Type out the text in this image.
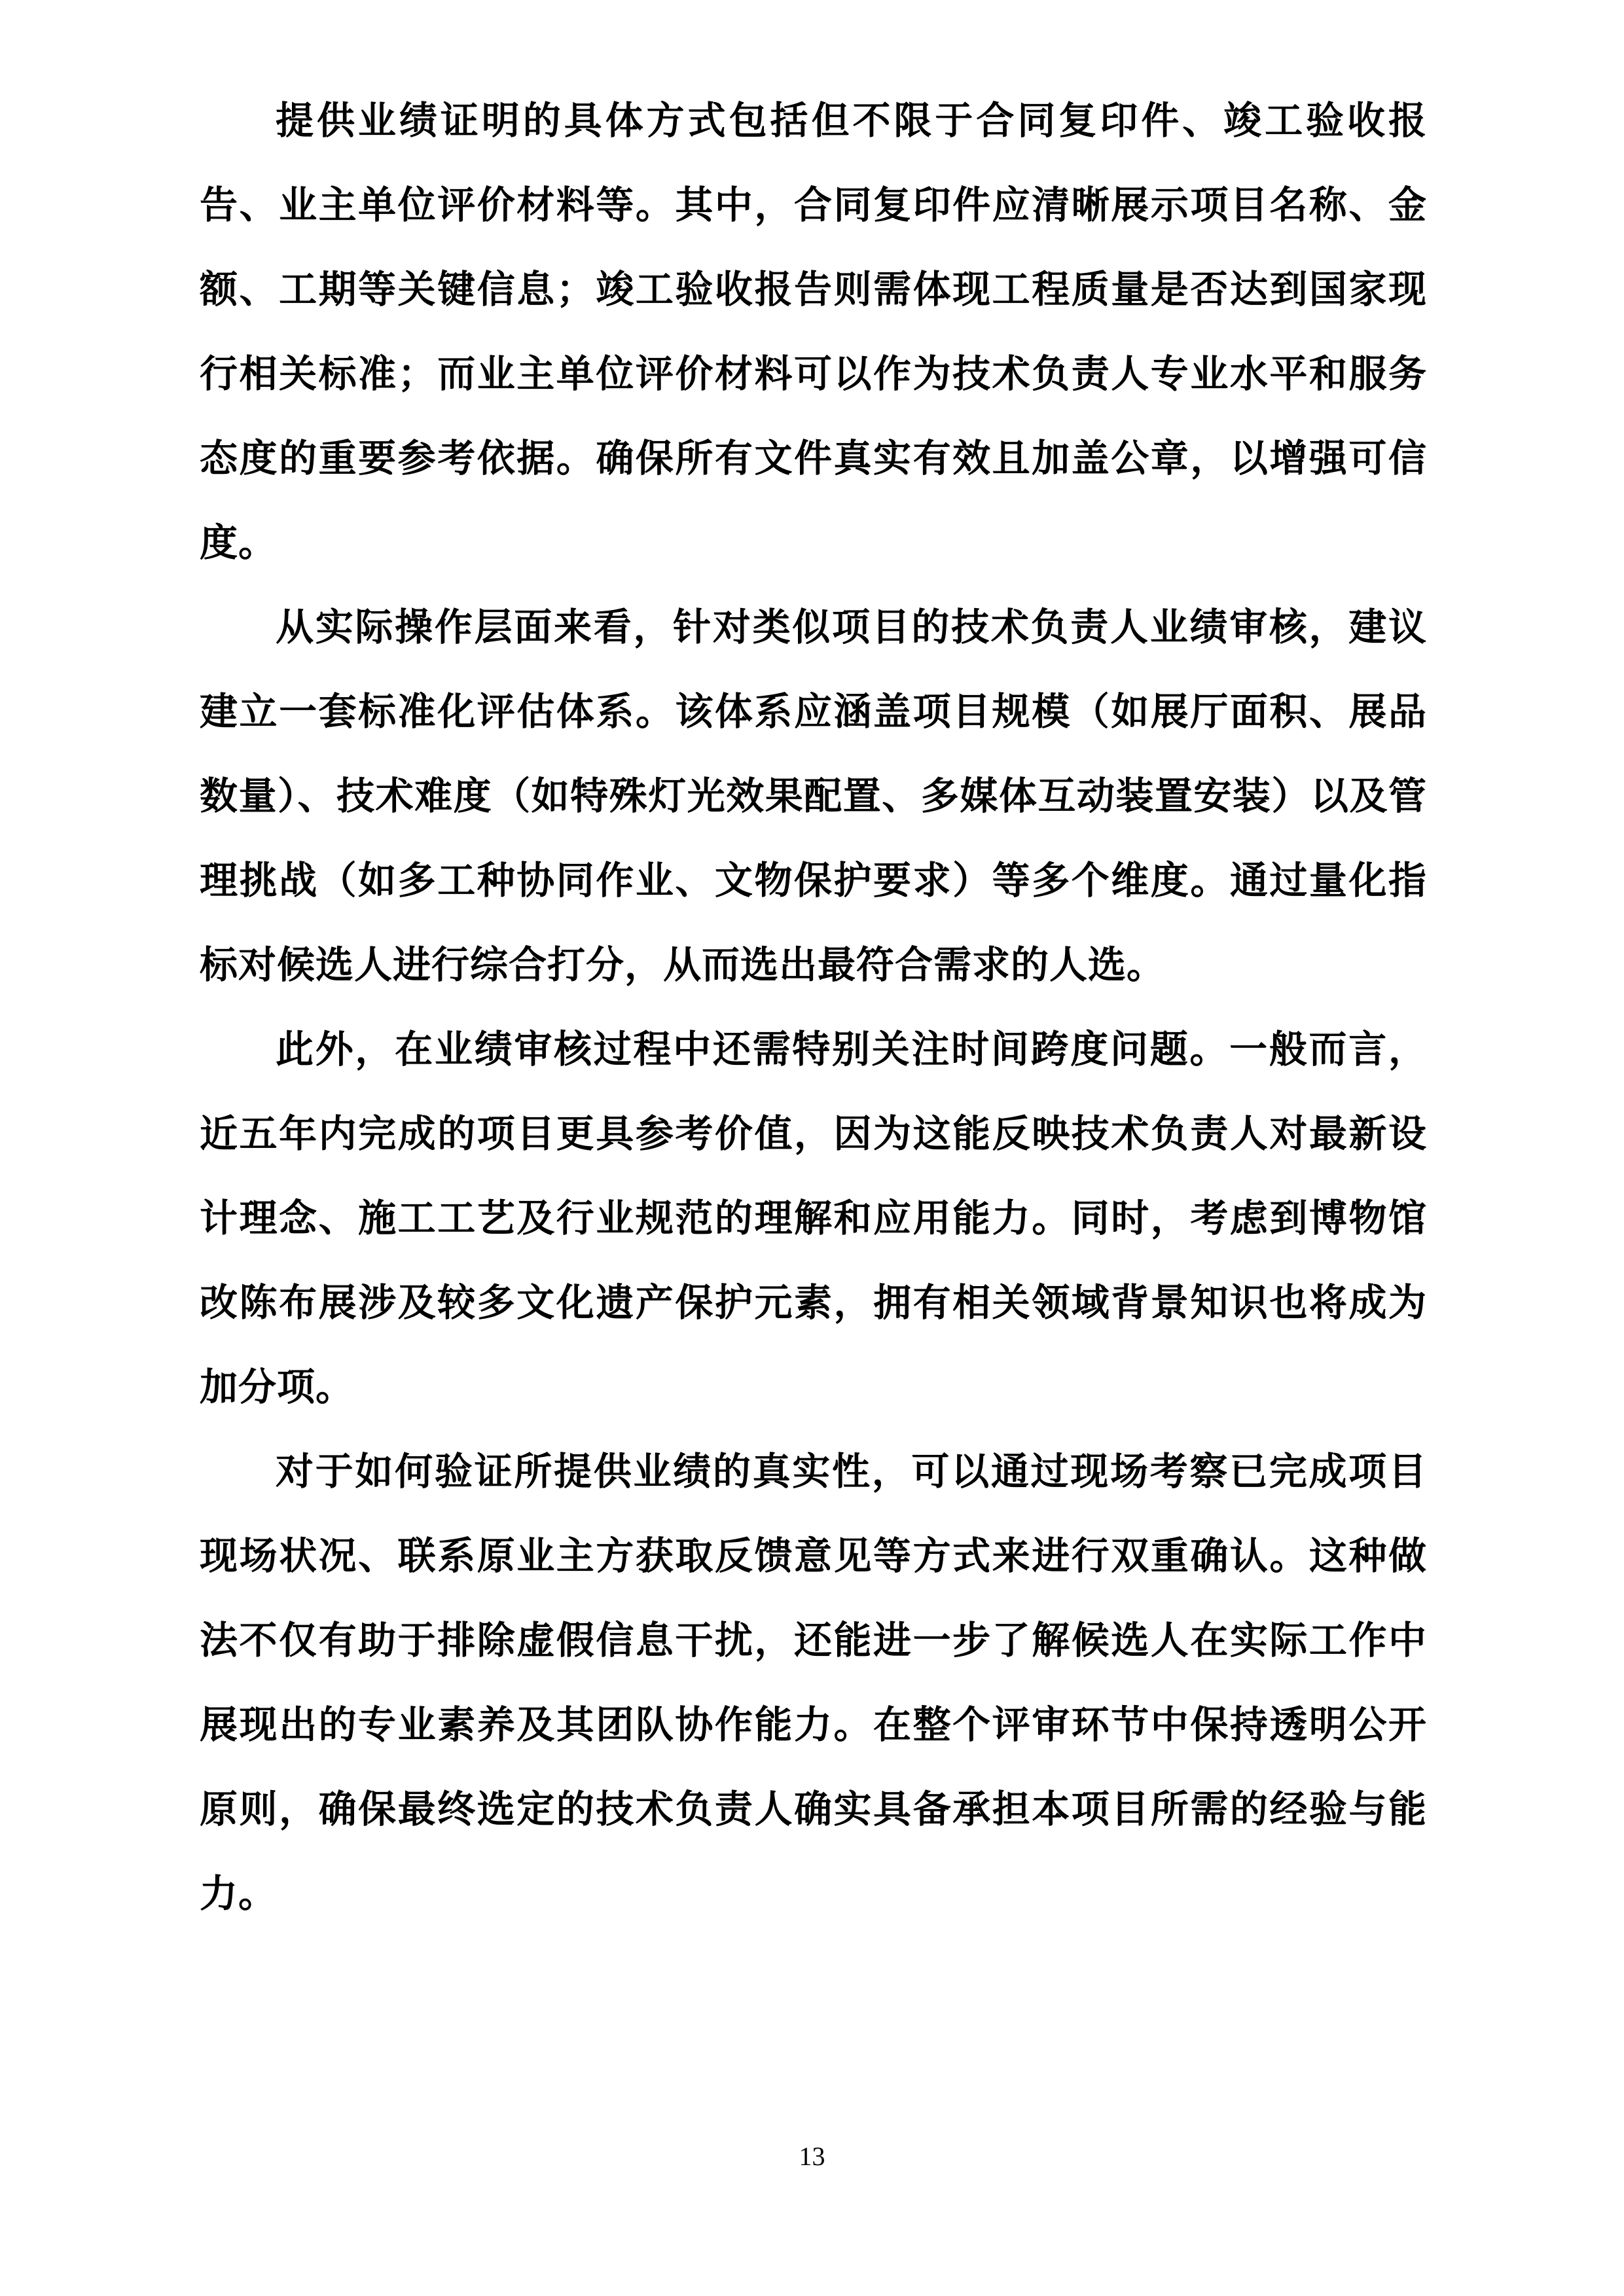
提供业绩证明的具体方式包括但不限于合同复印件、竣工验收报告、业主单位评价材料等。其中，合同复印件应清晰展示项目名称、金额、工期等关键信息；竣工验收报告则需体现工程质量是否达到国家现行相关标准；而业主单位评价材料可以作为技术负责人专业水平和服务态度的重要参考依据。确保所有文件真实有效且加盖公章，以增强可信度。

从实际操作层面来看，针对类似项目的技术负责人业绩审核，建议建立一套标准化评估体系。该体系应涵盖项目规模（如展厅面积、展品数量）、技术难度（如特殊灯光效果配置、多媒体互动装置安装）以及管理挑战（如多工种协同作业、文物保护要求）等多个维度。通过量化指标对候选人进行综合打分，从而选出最符合需求的人选。

此外，在业绩审核过程中还需特别关注时间跨度问题。一般而言，近五年内完成的项目更具参考价值，因为这能反映技术负责人对最新设计理念、施工工艺及行业规范的理解和应用能力。同时，考虑到博物馆改陈布展涉及较多文化遗产保护元素，拥有相关领域背景知识也将成为加分项。

对于如何验证所提供业绩的真实性，可以通过现场考察已完成项目现场状况、联系原业主方获取反馈意见等方式来进行双重确认。这种做法不仅有助于排除虚假信息干扰，还能进一步了解候选人在实际工作中展现出的专业素养及其团队协作能力。在整个评审环节中保持透明公开原则，确保最终选定的技术负责人确实具备承担本项目所需的经验与能力。

13
